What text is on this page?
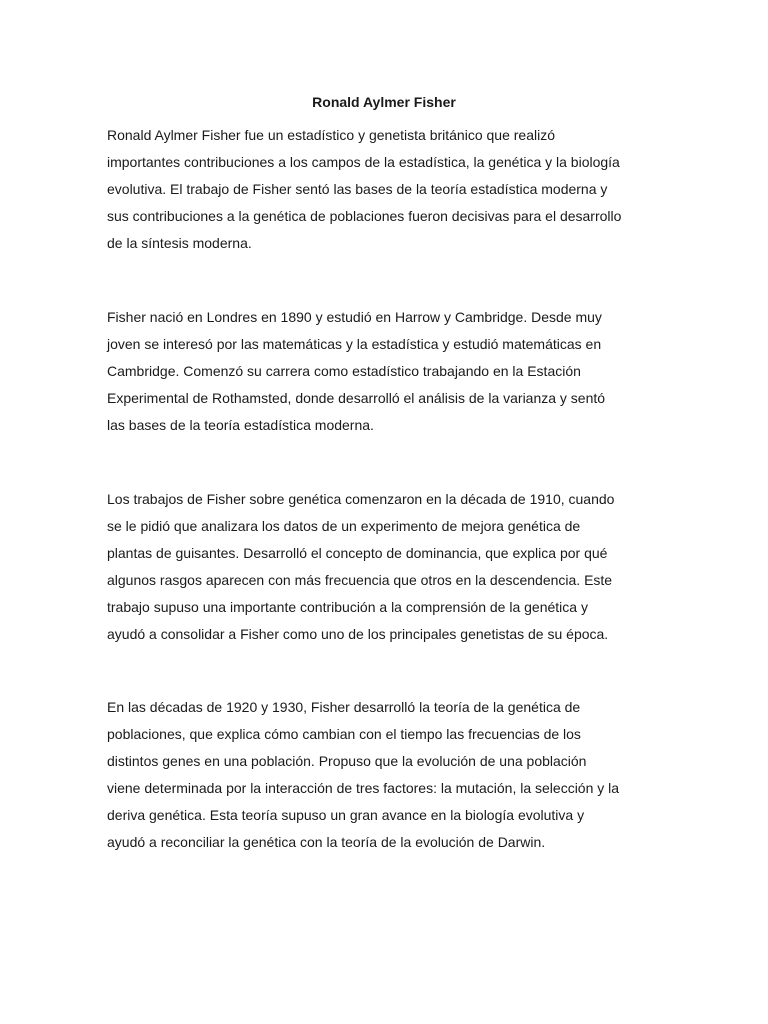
Ronald Aylmer Fisher

Ronald Aylmer Fisher fue un estadístico y genetista británico que realizó
importantes contribuciones a los campos de la estadística, la genética y la biología
evolutiva. El trabajo de Fisher sentó las bases de la teoría estadística moderna y
sus contribuciones a la genética de poblaciones fueron decisivas para el desarrollo
de la síntesis moderna.

Fisher nació en Londres en 1890 y estudió en Harrow y Cambridge. Desde muy
joven se interesó por las matemáticas y la estadística y estudió matemáticas en
Cambridge. Comenzó su carrera como estadístico trabajando en la Estación
Experimental de Rothamsted, donde desarrolló el análisis de la varianza y sentó
las bases de la teoría estadística moderna.

Los trabajos de Fisher sobre genética comenzaron en la década de 1910, cuando
se le pidió que analizara los datos de un experimento de mejora genética de
plantas de guisantes. Desarrolló el concepto de dominancia, que explica por qué
algunos rasgos aparecen con más frecuencia que otros en la descendencia. Este
trabajo supuso una importante contribución a la comprensión de la genética y
ayudó a consolidar a Fisher como uno de los principales genetistas de su época.

En las décadas de 1920 y 1930, Fisher desarrolló la teoría de la genética de
poblaciones, que explica cómo cambian con el tiempo las frecuencias de los
distintos genes en una población. Propuso que la evolución de una población
viene determinada por la interacción de tres factores: la mutación, la selección y la
deriva genética. Esta teoría supuso un gran avance en la biología evolutiva y
ayudó a reconciliar la genética con la teoría de la evolución de Darwin.
